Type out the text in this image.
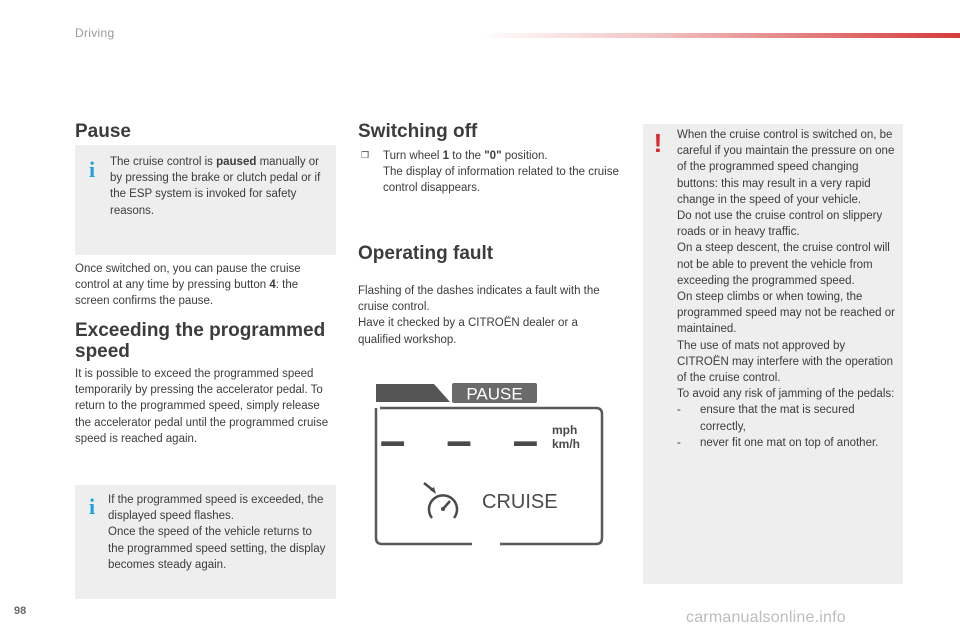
Driving
Pause
i	The cruise control is paused manually or by pressing the brake or clutch pedal or if the ESP system is invoked for safety reasons.

Once switched on, you can pause the cruise control at any time by pressing button 4: the screen confirms the pause.

Exceeding the programmed speed

It is possible to exceed the programmed speed temporarily by pressing the accelerator pedal. To return to the programmed speed, simply release the accelerator pedal until the programmed cruise speed is reached again.

i	If the programmed speed is exceeded, the displayed speed flashes.
Once the speed of the vehicle returns to the programmed speed setting, the display becomes steady again.
Switching off
❒	Turn wheel 1 to the "0" position.
The display of information related to the cruise control disappears.
Operating fault
Flashing of the dashes indicates a fault with the cruise control.
Have it checked by a CITROËN dealer or a qualified workshop.
PAUSE
– – – mph
km/h
CRUISE
! When the cruise control is switched on, be careful if you maintain the pressure on one of the programmed speed changing buttons: this may result in a very rapid change in the speed of your vehicle.
Do not use the cruise control on slippery roads or in heavy traffic.
On a steep descent, the cruise control will not be able to prevent the vehicle from exceeding the programmed speed.
On steep climbs or when towing, the programmed speed may not be reached or maintained.
The use of mats not approved by CITROËN may interfere with the operation of the cruise control.
To avoid any risk of jamming of the pedals:
-	ensure that the mat is secured correctly,
-	never fit one mat on top of another.
98	carmanualsonline.info
